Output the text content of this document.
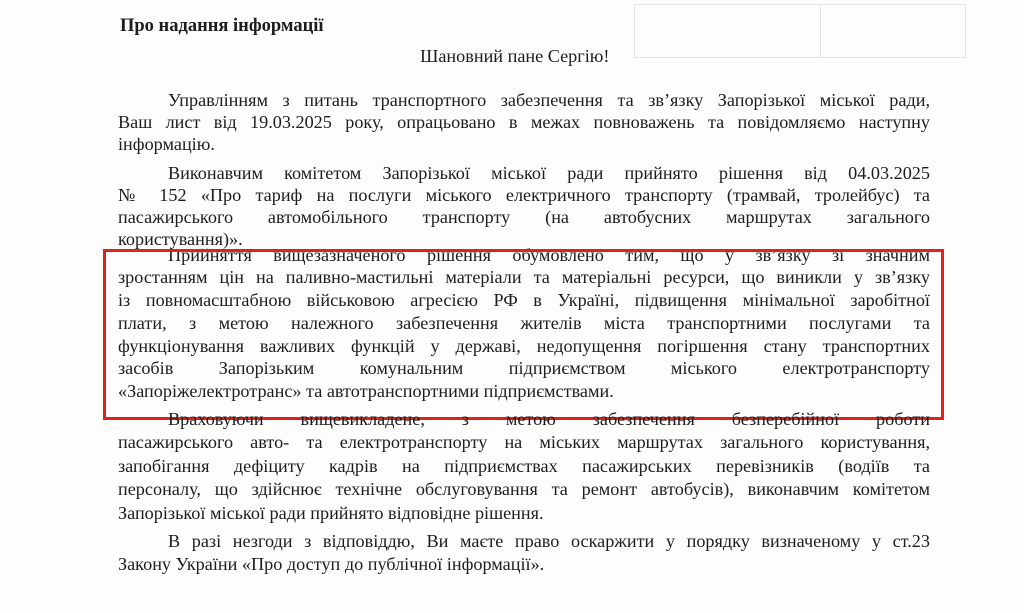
Про надання інформації
Шановний пане Сергію!
Управлінням з питань транспортного забезпечення та зв’язку Запорізької міської ради,
Ваш лист від 19.03.2025 року, опрацьовано в межах повноважень та повідомляємо наступну
інформацію.
Виконавчим комітетом Запорізької міської ради прийнято рішення від 04.03.2025
№ 152 «Про тариф на послуги міського електричного транспорту (трамвай, тролейбус) та
пасажирського автомобільного транспорту (на автобусних маршрутах загального
користування)».
Прийняття вищезазначеного рішення обумовлено тим, що у зв’язку зі значним
зростанням цін на паливно-мастильні матеріали та матеріальні ресурси, що виникли у зв’язку
із повномасштабною військовою агресією РФ в Україні, підвищення мінімальної заробітної
плати, з метою належного забезпечення жителів міста транспортними послугами та
функціонування важливих функцій у державі, недопущення погіршення стану транспортних
засобів Запорізьким комунальним підприємством міського електротранспорту
«Запоріжелектротранс» та автотранспортними підприємствами.
Враховуючи вищевикладене, з метою забезпечення безперебійної роботи
пасажирського авто- та електротранспорту на міських маршрутах загального користування,
запобігання дефіциту кадрів на підприємствах пасажирських перевізників (водіїв та
персоналу, що здійснює технічне обслуговування та ремонт автобусів), виконавчим комітетом
Запорізької міської ради прийнято відповідне рішення.
В разі незгоди з відповіддю, Ви маєте право оскаржити у порядку визначеному у ст.23
Закону України «Про доступ до публічної інформації».
